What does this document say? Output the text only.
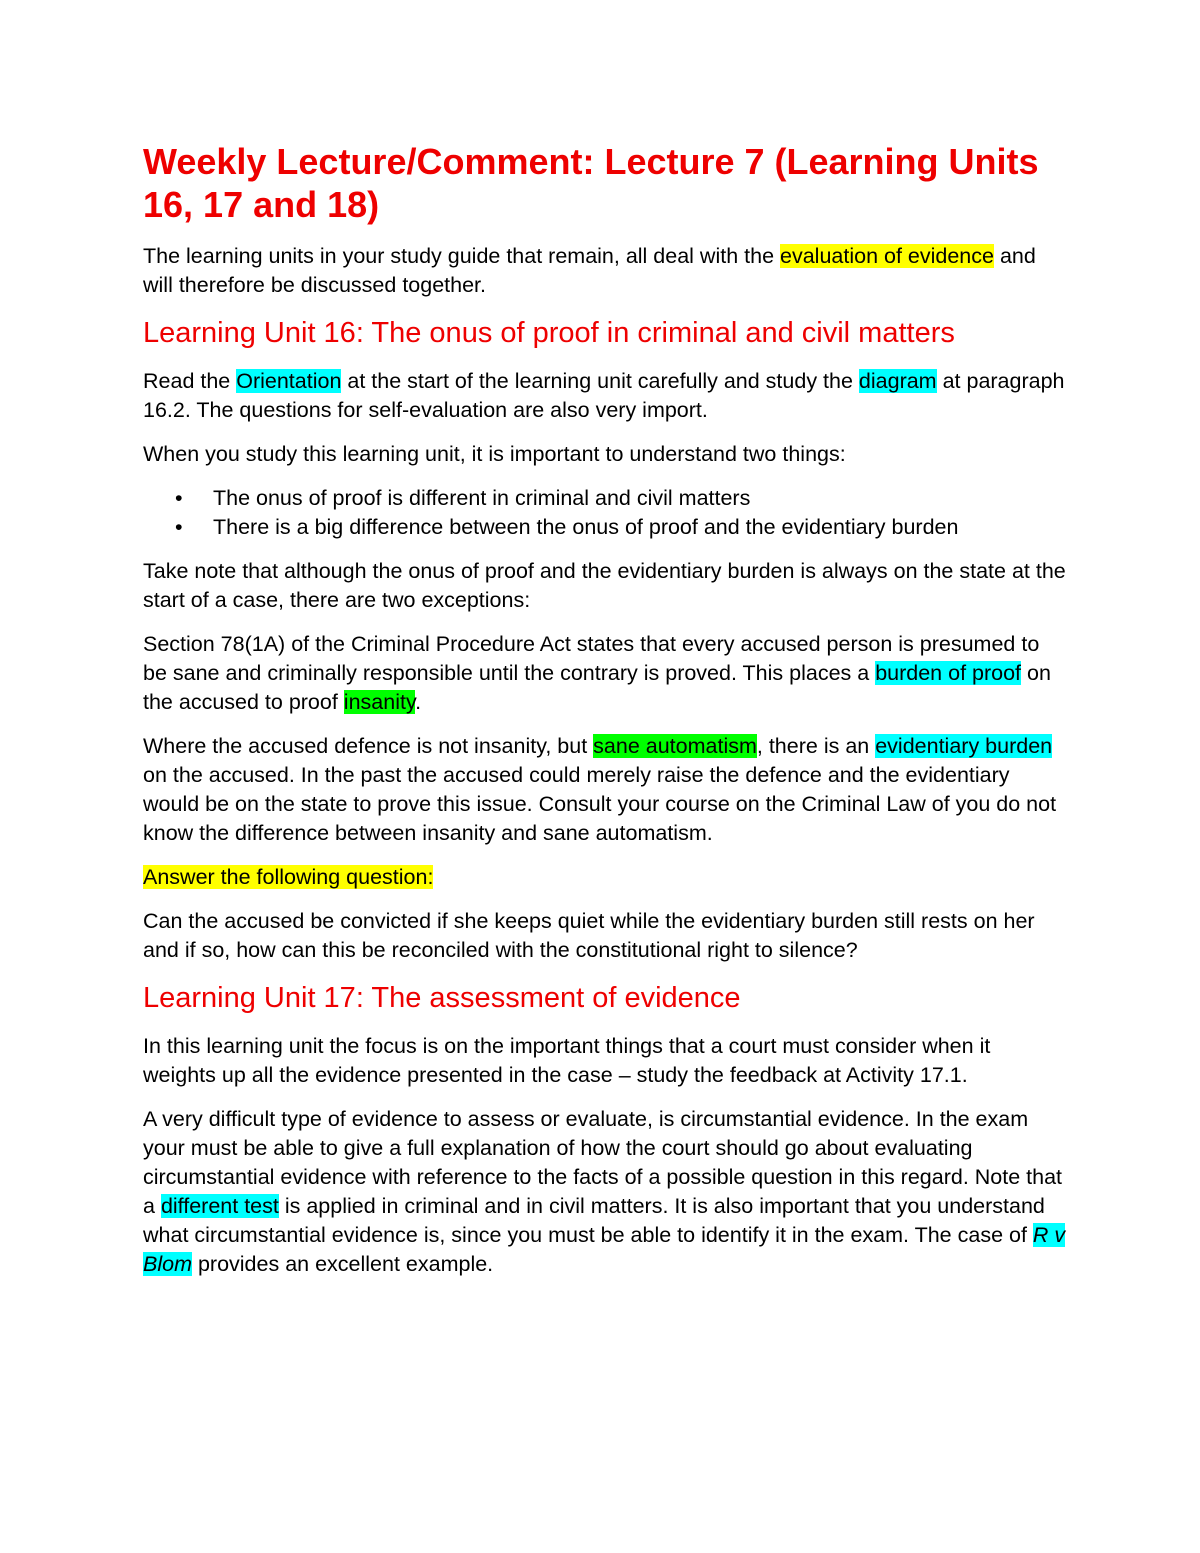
Weekly Lecture/Comment: Lecture 7 (Learning Units 16, 17 and 18)

The learning units in your study guide that remain, all deal with the evaluation of evidence and will therefore be discussed together.

Learning Unit 16: The onus of proof in criminal and civil matters

Read the Orientation at the start of the learning unit carefully and study the diagram at paragraph 16.2. The questions for self-evaluation are also very import.

When you study this learning unit, it is important to understand two things:

• The onus of proof is different in criminal and civil matters
• There is a big difference between the onus of proof and the evidentiary burden

Take note that although the onus of proof and the evidentiary burden is always on the state at the start of a case, there are two exceptions:

Section 78(1A) of the Criminal Procedure Act states that every accused person is presumed to be sane and criminally responsible until the contrary is proved. This places a burden of proof on the accused to proof insanity.

Where the accused defence is not insanity, but sane automatism, there is an evidentiary burden on the accused. In the past the accused could merely raise the defence and the evidentiary would be on the state to prove this issue. Consult your course on the Criminal Law of you do not know the difference between insanity and sane automatism.

Answer the following question:

Can the accused be convicted if she keeps quiet while the evidentiary burden still rests on her and if so, how can this be reconciled with the constitutional right to silence?

Learning Unit 17: The assessment of evidence

In this learning unit the focus is on the important things that a court must consider when it weights up all the evidence presented in the case – study the feedback at Activity 17.1.

A very difficult type of evidence to assess or evaluate, is circumstantial evidence. In the exam your must be able to give a full explanation of how the court should go about evaluating circumstantial evidence with reference to the facts of a possible question in this regard. Note that a different test is applied in criminal and in civil matters. It is also important that you understand what circumstantial evidence is, since you must be able to identify it in the exam. The case of R v Blom provides an excellent example.
